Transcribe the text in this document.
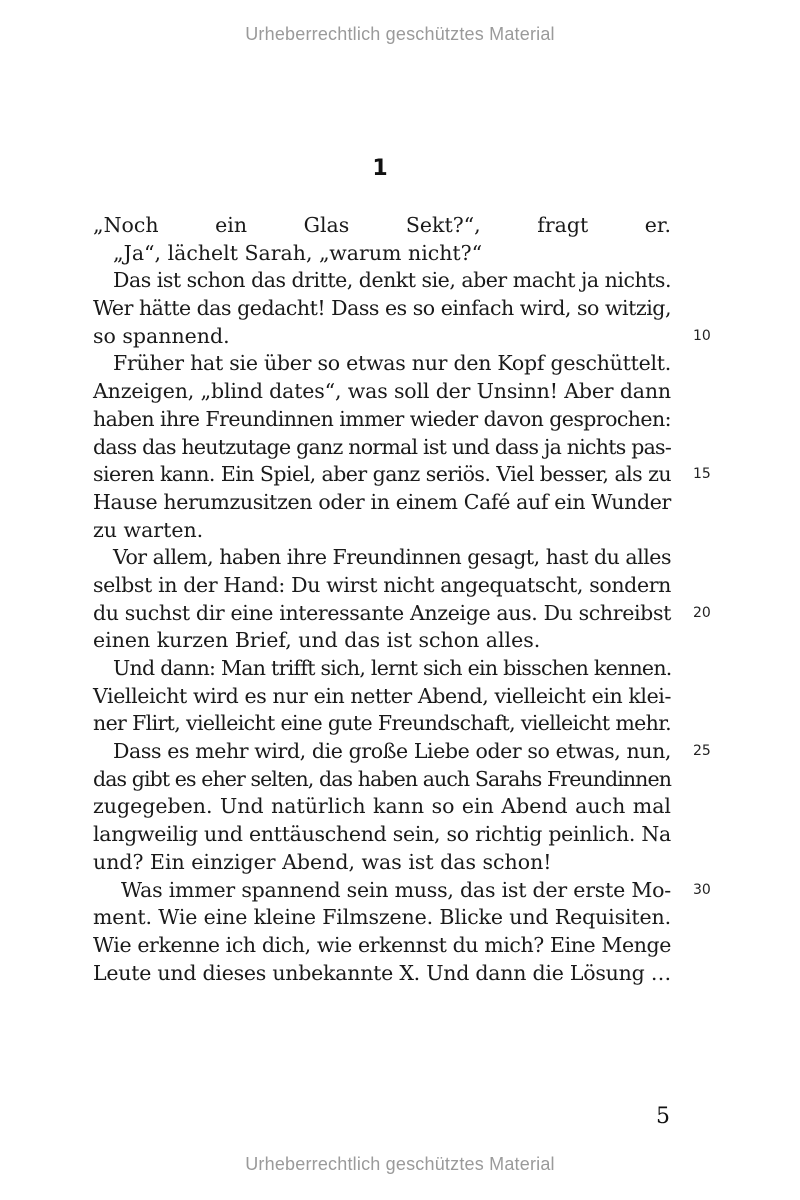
Urheberrechtlich geschütztes Material
1
„Noch ein Glas Sekt?“, fragt er.
„Ja“, lächelt Sarah, „warum nicht?“
Das ist schon das dritte, denkt sie, aber macht ja nichts.
Wer hätte das gedacht! Dass es so einfach wird, so witzig,
so spannend.	10
Früher hat sie über so etwas nur den Kopf geschüttelt.
Anzeigen, „blind dates“, was soll der Unsinn! Aber dann
haben ihre Freundinnen immer wieder davon gesprochen:
dass das heutzutage ganz normal ist und dass ja nichts pas-
sieren kann. Ein Spiel, aber ganz seriös. Viel besser, als zu 15
Hause herumzusitzen oder in einem Café auf ein Wunder
zu warten.
Vor allem, haben ihre Freundinnen gesagt, hast du alles
selbst in der Hand: Du wirst nicht angequatscht, sondern
du suchst dir eine interessante Anzeige aus. Du schreibst 20
einen kurzen Brief, und das ist schon alles.
Und dann: Man trifft sich, lernt sich ein bisschen kennen.
Vielleicht wird es nur ein netter Abend, vielleicht ein klei-
ner Flirt, vielleicht eine gute Freundschaft, vielleicht mehr.
Dass es mehr wird, die große Liebe oder so etwas, nun, 25
das gibt es eher selten, das haben auch Sarahs Freundinnen
zugegeben. Und natürlich kann so ein Abend auch mal
langweilig und enttäuschend sein, so richtig peinlich. Na
und? Ein einziger Abend, was ist das schon!
Was immer spannend sein muss, das ist der erste Mo- 30
ment. Wie eine kleine Filmszene. Blicke und Requisiten.
Wie erkenne ich dich, wie erkennst du mich? Eine Menge
Leute und dieses unbekannte X. Und dann die Lösung …
5
Urheberrechtlich geschütztes Material
